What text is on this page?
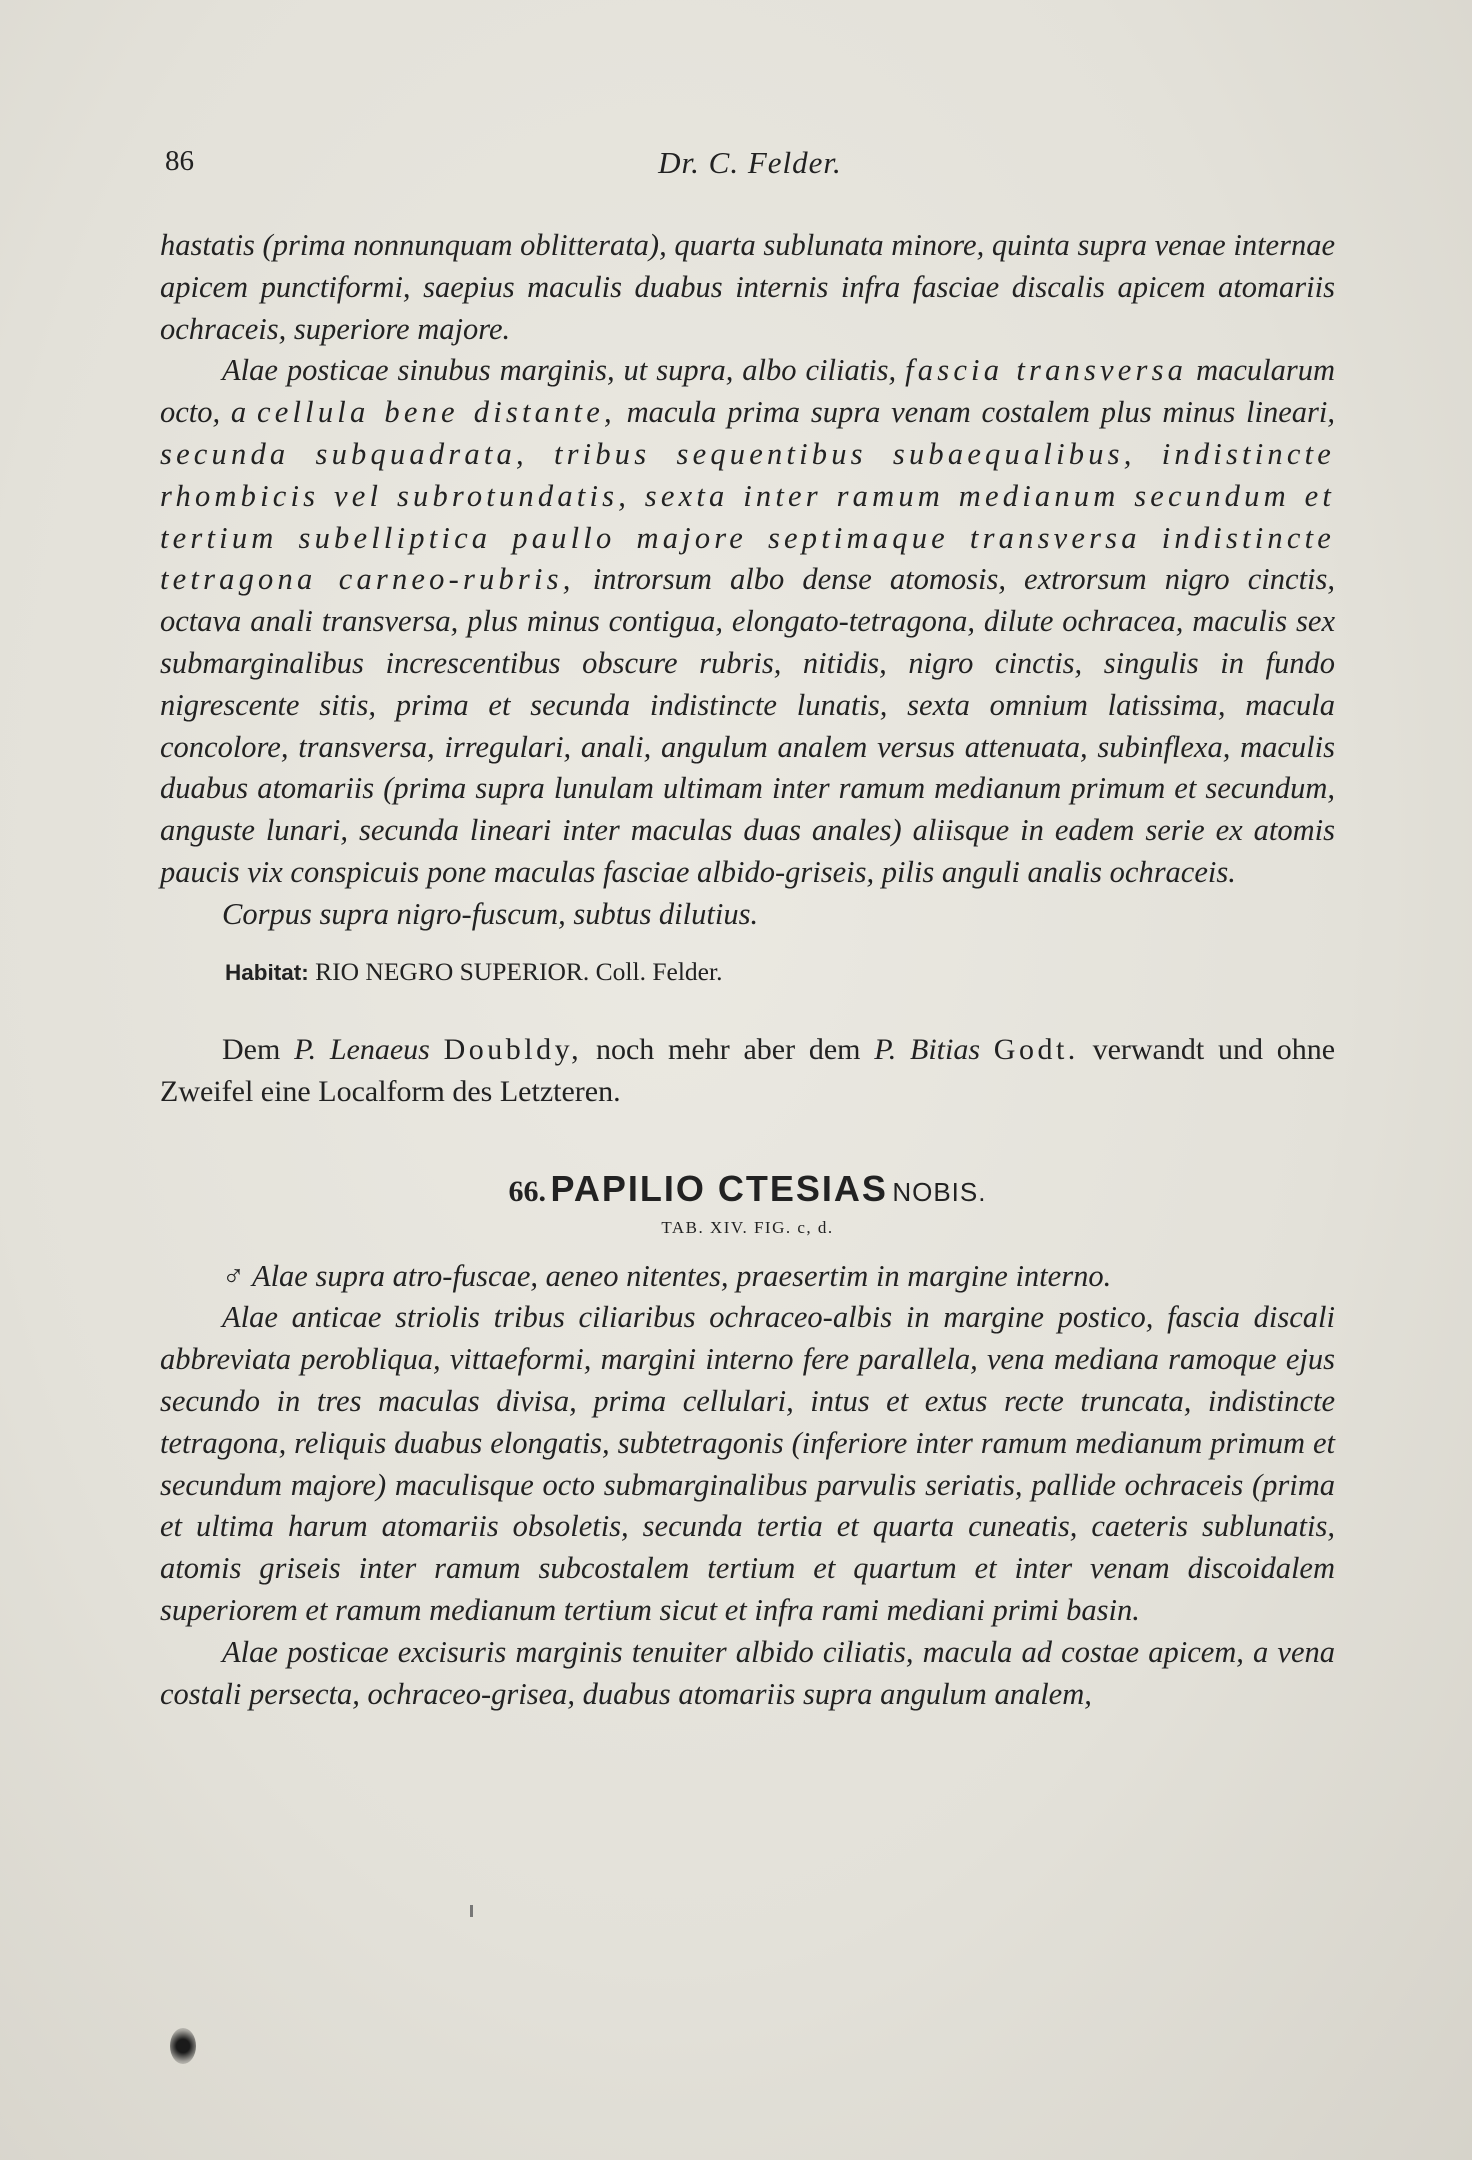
86	Dr. C. Felder.

hastatis (prima nonnunquam oblitterata), quarta sublunata minore, quinta supra venae internae apicem punctiformi, saepius maculis duabus internis infra fasciae discalis apicem atomariis ochraceis, superiore majore.

Alae posticae sinubus marginis, ut supra, albo ciliatis, fascia transversa macularum octo, a cellula bene distante, macula prima supra venam costalem plus minus lineari, secunda subquadrata, tribus sequentibus subaequalibus, indistincte rhombicis vel subrotundatis, sexta inter ramum medianum secundum et tertium subelliptica paullo majore septimaque transversa indistincte tetragona carneo-rubris, introrsum albo dense atomosis, extrorsum nigro cinctis, octava anali transversa, plus minus contigua, elongato-tetragona, dilute ochracea, maculis sex submarginalibus increscentibus obscure rubris, nitidis, nigro cinctis, singulis in fundo nigrescente sitis, prima et secunda indistincte lunatis, sexta omnium latissima, macula concolore, transversa, irregulari, anali, angulum analem versus attenuata, subinflexa, maculis duabus atomariis (prima supra lunulam ultimam inter ramum medianum primum et secundum, anguste lunari, secunda lineari inter maculas duas anales) aliisque in eadem serie ex atomis paucis vix conspicuis pone maculas fasciae albido-griseis, pilis anguli analis ochraceis.

Corpus supra nigro-fuscum, subtus dilutius.

Habitat: RIO NEGRO SUPERIOR. Coll. Felder.

Dem P. Lenaeus Doubldy, noch mehr aber dem P. Bitias Godt. verwandt und ohne Zweifel eine Localform des Letzteren.

66. PAPILIO CTESIAS NOBIS.
TAB. XIV. FIG. c, d.

♂ Alae supra atro-fuscae, aeneo nitentes, praesertim in margine interno.

Alae anticae striolis tribus ciliaribus ochraceo-albis in margine postico, fascia discali abbreviata perobliqua, vittaeformi, margini interno fere parallela, vena mediana ramoque ejus secundo in tres maculas divisa, prima cellulari, intus et extus recte truncata, indistincte tetragona, reliquis duabus elongatis, subtetragonis (inferiore inter ramum medianum primum et secundum majore) maculisque octo submarginalibus parvulis seriatis, pallide ochraceis (prima et ultima harum atomariis obsoletis, secunda tertia et quarta cuneatis, caeteris sublunatis, atomis griseis inter ramum subcostalem tertium et quartum et inter venam discoidalem superiorem et ramum medianum tertium sicut et infra rami mediani primi basin.

Alae posticae excisuris marginis tenuiter albido ciliatis, macula ad costae apicem, a vena costali persecta, ochraceo-grisea, duabus atomariis supra angulum analem,
